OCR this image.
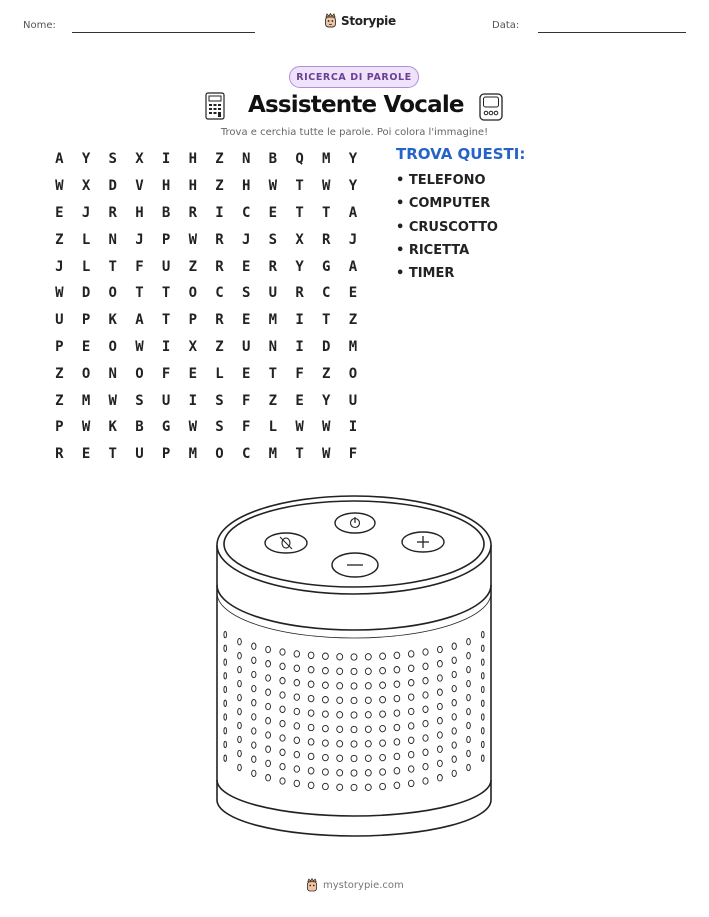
Nome:	Storypie	Data:
RICERCA DI PAROLE
Assistente Vocale
Trova e cerchia tutte le parole. Poi colora l'immagine!
A	Y	S	X	I	H	Z	N	B	Q	M	Y
W	X	D	V	H	H	Z	H	W	T	W	Y
E	J	R	H	B	R	I	C	E	T	T	A
Z	L	N	J	P	W	R	J	S	X	R	J
J	L	T	F	U	Z	R	E	R	Y	G	A
W	D	O	T	T	O	C	S	U	R	C	E
U	P	K	A	T	P	R	E	M	I	T	Z
P	E	O	W	I	X	Z	U	N	I	D	M
Z	O	N	O	F	E	L	E	T	F	Z	O
Z	M	W	S	U	I	S	F	Z	E	Y	U
P	W	K	B	G	W	S	F	L	W	W	I
R	E	T	U	P	M	O	C	M	T	W	F
TROVA QUESTI:
• TELEFONO
• COMPUTER
• CRUSCOTTO
• RICETTA
• TIMER
mystorypie.com
